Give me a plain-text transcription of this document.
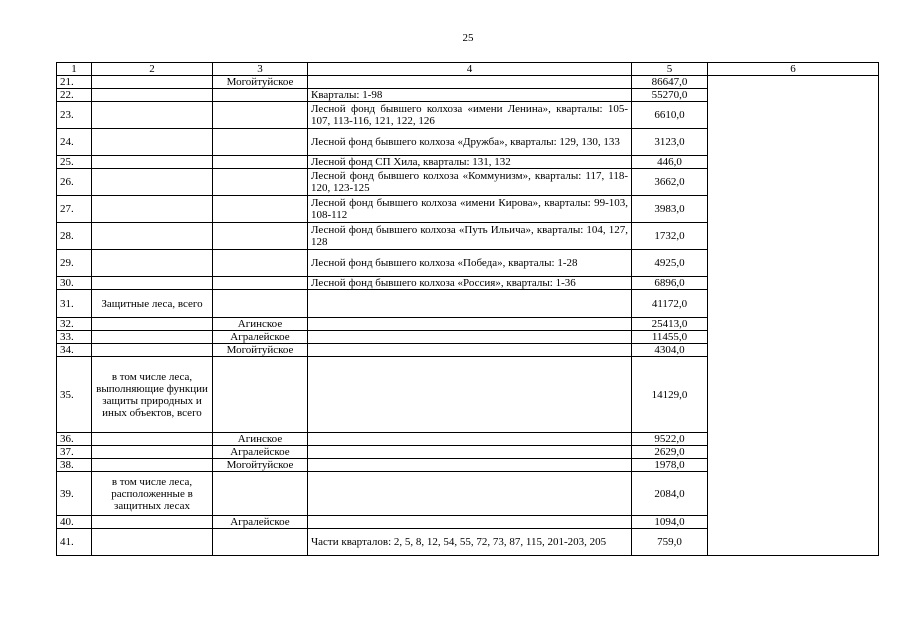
25
1	2	3	4	5	6
21.		Могойтуйское		86647,0	
22.			Кварталы: 1-98	55270,0	
23.			Лесной фонд бывшего колхоза «имени Ленина», кварталы: 105-107, 113-116, 121, 122, 126	6610,0	
24.			Лесной фонд бывшего колхоза «Дружба», кварталы: 129, 130, 133	3123,0	
25.			Лесной фонд СП Хила, кварталы: 131, 132	446,0	
26.			Лесной фонд бывшего колхоза «Коммунизм», кварталы: 117, 118-120, 123-125	3662,0	
27.			Лесной фонд бывшего колхоза «имени Кирова», кварталы: 99-103, 108-112	3983,0	
28.			Лесной фонд бывшего колхоза «Путь Ильича», кварталы: 104, 127, 128	1732,0	
29.			Лесной фонд бывшего колхоза «Победа», кварталы: 1-28	4925,0	
30.			Лесной фонд бывшего колхоза «Россия», кварталы: 1-36	6896,0	
31.	Защитные леса, всего			41172,0	
32.		Агинское		25413,0	
33.		Агралейское		11455,0	
34.		Могойтуйское		4304,0	
35.	в том числе леса, выполняющие функции защиты природных и иных объектов, всего			14129,0	
36.		Агинское		9522,0	
37.		Агралейское		2629,0	
38.		Могойтуйское		1978,0	
39.	в том числе леса, расположенные в защитных лесах			2084,0	
40.		Агралейское		1094,0	
41.			Части кварталов: 2, 5, 8, 12, 54, 55, 72, 73, 87, 115, 201-203, 205	759,0	
